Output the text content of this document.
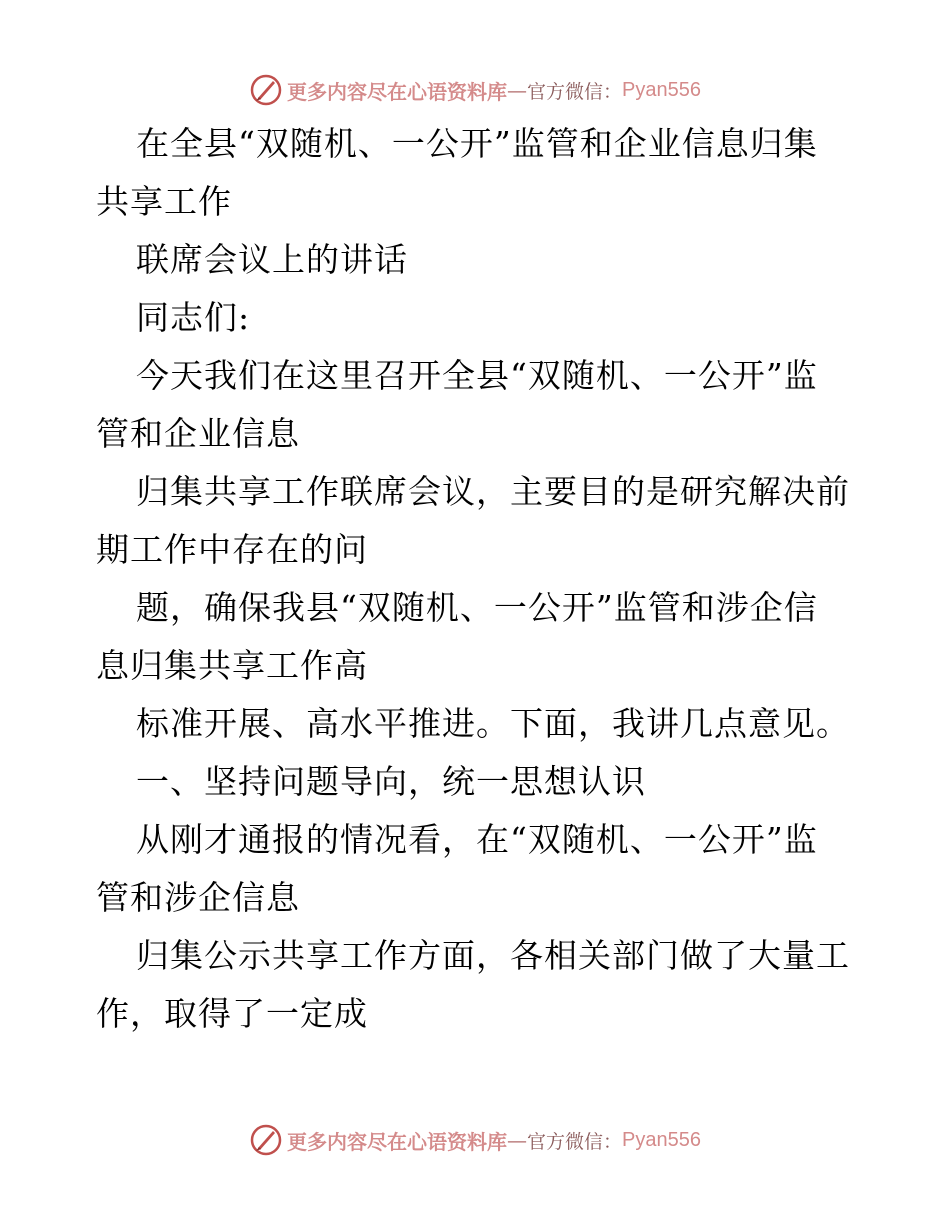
更多内容尽在心语资料库 — 官方微信： Pyan556
在全县“双随机、一公开”监管和企业信息归集
共享工作
联席会议上的讲话
同志们:
今天我们在这里召开全县“双随机、一公开”监
管和企业信息
归集共享工作联席会议，主要目的是研究解决前
期工作中存在的问
题，确保我县“双随机、一公开”监管和涉企信
息归集共享工作高
标准开展、高水平推进。下面，我讲几点意见。
一、坚持问题导向，统一思想认识
从刚才通报的情况看，在“双随机、一公开”监
管和涉企信息
归集公示共享工作方面，各相关部门做了大量工
作，取得了一定成
更多内容尽在心语资料库 — 官方微信： Pyan556
